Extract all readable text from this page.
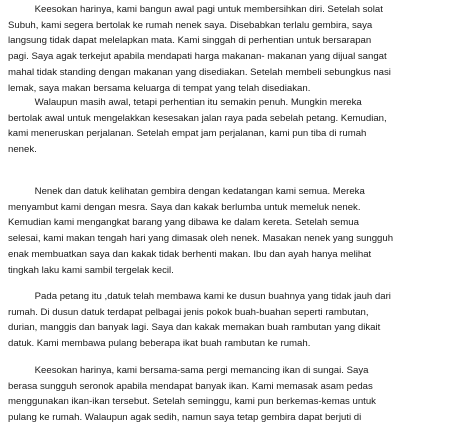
Keesokan harinya, kami bangun awal pagi untuk membersihkan diri. Setelah solat
Subuh, kami segera bertolak ke rumah nenek saya. Disebabkan terlalu gembira, saya
langsung tidak dapat melelapkan mata. Kami singgah di perhentian untuk bersarapan
pagi. Saya agak terkejut apabila mendapati harga makanan- makanan yang dijual sangat
mahal tidak standing dengan makanan yang disediakan. Setelah membeli sebungkus nasi
lemak, saya makan bersama keluarga di tempat yang telah disediakan.

Walaupun masih awal, tetapi perhentian itu semakin penuh. Mungkin mereka
bertolak awal untuk mengelakkan kesesakan jalan raya pada sebelah petang. Kemudian,
kami meneruskan perjalanan. Setelah empat jam perjalanan, kami pun tiba di rumah
nenek.

Nenek dan datuk kelihatan gembira dengan kedatangan kami semua. Mereka
menyambut kami dengan mesra. Saya dan kakak berlumba untuk memeluk nenek.
Kemudian kami mengangkat barang yang dibawa ke dalam kereta. Setelah semua
selesai, kami makan tengah hari yang dimasak oleh nenek. Masakan nenek yang sungguh
enak membuatkan saya dan kakak tidak berhenti makan. Ibu dan ayah hanya melihat
tingkah laku kami sambil tergelak kecil.

Pada petang itu ,datuk telah membawa kami ke dusun buahnya yang tidak jauh dari
rumah. Di dusun datuk terdapat pelbagai jenis pokok buah-buahan seperti rambutan,
durian, manggis dan banyak lagi. Saya dan kakak memakan buah rambutan yang dikait
datuk. Kami membawa pulang beberapa ikat buah rambutan ke rumah.

Keesokan harinya, kami bersama-sama pergi memancing ikan di sungai. Saya
berasa sungguh seronok apabila mendapat banyak ikan. Kami memasak asam pedas
menggunakan ikan-ikan tersebut. Setelah seminggu, kami pun berkemas-kemas untuk
pulang ke rumah. Walaupun agak sedih, namun saya tetap gembira dapat berjuti di
